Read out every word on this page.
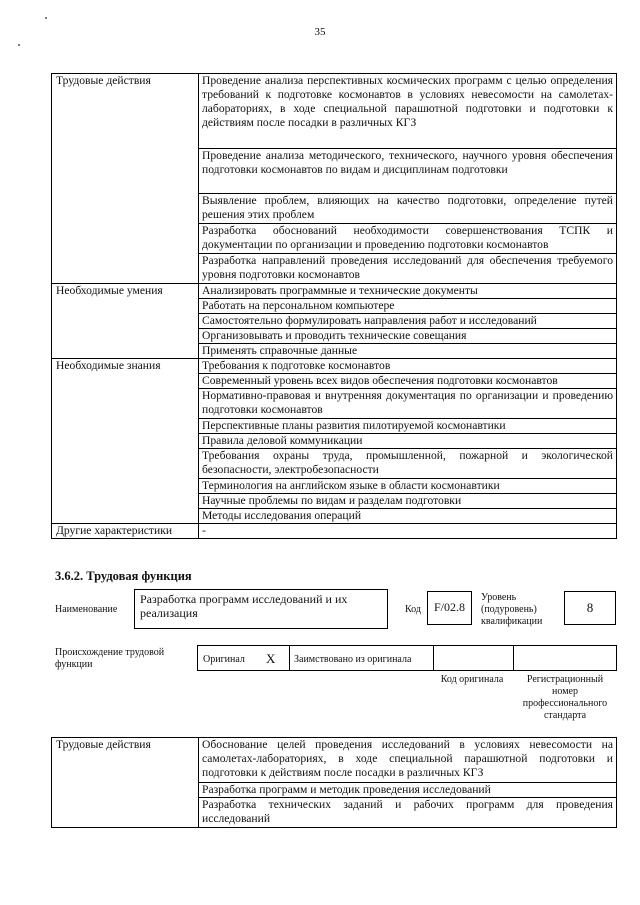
35
Трудовые действия	Проведение анализа перспективных космических программ с целью определения требований к подготовке космонавтов в условиях невесомости на самолетах-лабораториях, в ходе специальной парашютной подготовки и подготовки к действиям после посадки в различных КГЗ
	Проведение анализа методического, технического, научного уровня обеспечения подготовки космонавтов по видам и дисциплинам подготовки
	Выявление проблем, влияющих на качество подготовки, определение путей решения этих проблем
	Разработка обоснований необходимости совершенствования ТСПК и документации по организации и проведению подготовки космонавтов
	Разработка направлений проведения исследований для обеспечения требуемого уровня подготовки космонавтов
Необходимые умения	Анализировать программные и технические документы
	Работать на персональном компьютере
	Самостоятельно формулировать направления работ и исследований
	Организовывать и проводить технические совещания
	Применять справочные данные
Необходимые знания	Требования к подготовке космонавтов
	Современный уровень всех видов обеспечения подготовки космонавтов
	Нормативно-правовая и внутренняя документация по организации и проведению подготовки космонавтов
	Перспективные планы развития пилотируемой космонавтики
	Правила деловой коммуникации
	Требования охраны труда, промышленной, пожарной и экологической безопасности, электробезопасности
	Терминология на английском языке в области космонавтики
	Научные проблемы по видам и разделам подготовки
	Методы исследования операций
Другие характеристики	-
3.6.2. Трудовая функция
Наименование
Разработка программ исследований и их реализация	Код	F/02.8
Уровень (подуровень) квалификации
8
Происхождение трудовой функции	Оригинал X Заимствовано из оригинала
Код оригинала	Регистрационный номер профессионального стандарта
Трудовые действия	Обоснование целей проведения исследований в условиях невесомости на самолетах-лабораториях, в ходе специальной парашютной подготовки и подготовки к действиям после посадки в различных КГЗ
Разработка программ и методик проведения исследований
Разработка технических заданий и рабочих программ для проведения исследований
